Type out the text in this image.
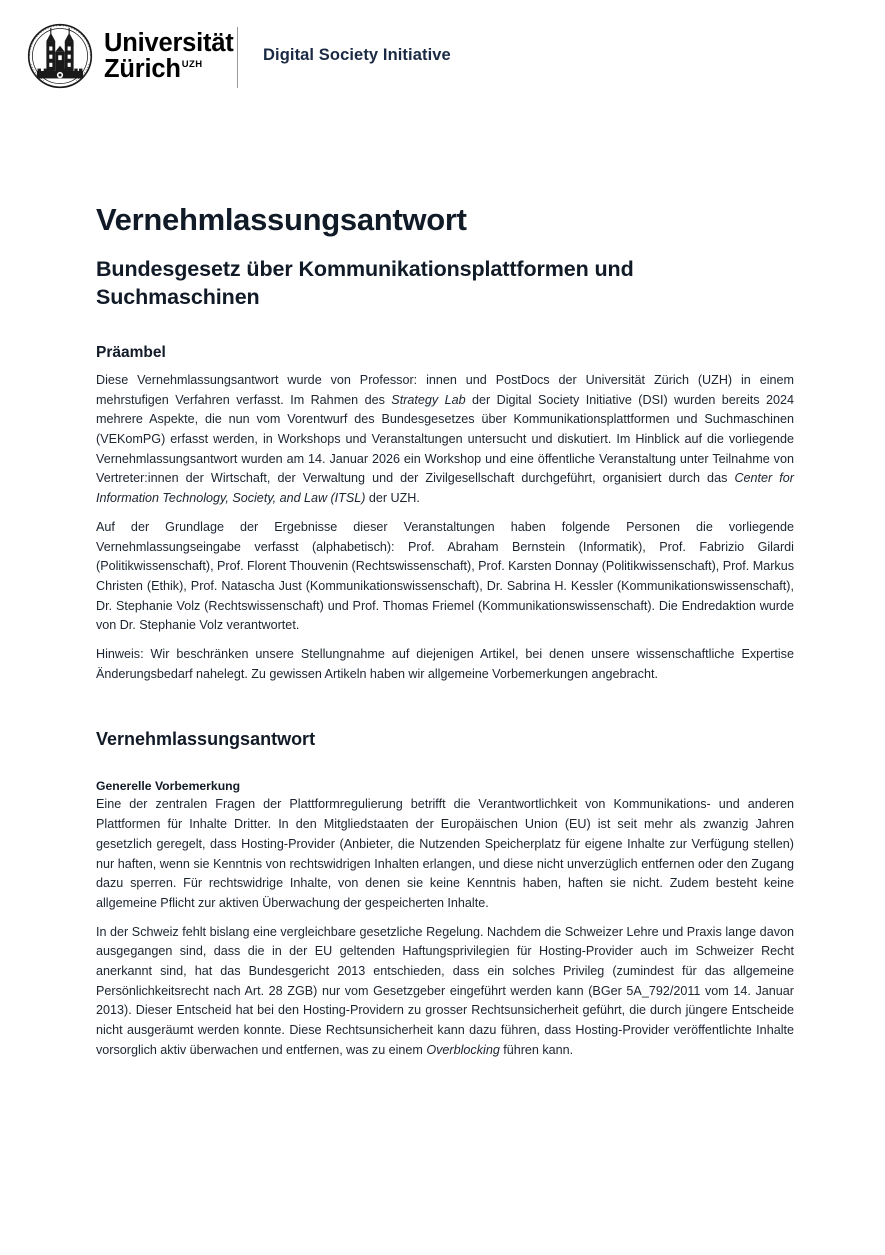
Universität
Zürich$^{UZH}$
Digital Society Initiative
Vernehmlassungsantwort
Bundesgesetz über Kommunikationsplattformen und Suchmaschinen
Präambel

Diese Vernehmlassungsantwort wurde von Professor: innen und PostDocs der Universität Zürich (UZH) in einem mehrstufigen Verfahren verfasst. Im Rahmen des Strategy Lab der Digital Society Initiative (DSI) wurden bereits 2024 mehrere Aspekte, die nun vom Vorentwurf des Bundesgesetzes über Kommunikationsplattformen und Suchmaschinen (VEKomPG) erfasst werden, in Workshops und Veranstaltungen untersucht und diskutiert. Im Hinblick auf die vorliegende Vernehmlassungsantwort wurden am 14. Januar 2026 ein Workshop und eine öffentliche Veranstaltung unter Teilnahme von Vertreter:innen der Wirtschaft, der Verwaltung und der Zivilgesellschaft durchgeführt, organisiert durch das Center for Information Technology, Society, and Law (ITSL) der UZH.

Auf der Grundlage der Ergebnisse dieser Veranstaltungen haben folgende Personen die vorliegende Vernehmlassungseingabe verfasst (alphabetisch): Prof. Abraham Bernstein (Informatik), Prof. Fabrizio Gilardi (Politikwissenschaft), Prof. Florent Thouvenin (Rechtswissenschaft), Prof. Karsten Donnay (Politikwissenschaft), Prof. Markus Christen (Ethik), Prof. Natascha Just (Kommunikationswissenschaft), Dr. Sabrina H. Kessler (Kommunikationswissenschaft), Dr. Stephanie Volz (Rechtswissenschaft) und Prof. Thomas Friemel (Kommunikationswissenschaft). Die Endredaktion wurde von Dr. Stephanie Volz verantwortet.

Hinweis: Wir beschränken unsere Stellungnahme auf diejenigen Artikel, bei denen unsere wissenschaftliche Expertise Änderungsbedarf nahelegt. Zu gewissen Artikeln haben wir allgemeine Vorbemerkungen angebracht.

Vernehmlassungsantwort
Generelle Vorbemerkung

Eine der zentralen Fragen der Plattformregulierung betrifft die Verantwortlichkeit von Kommunikations- und anderen Plattformen für Inhalte Dritter. In den Mitgliedstaaten der Europäischen Union (EU) ist seit mehr als zwanzig Jahren gesetzlich geregelt, dass Hosting-Provider (Anbieter, die Nutzenden Speicherplatz für eigene Inhalte zur Verfügung stellen) nur haften, wenn sie Kenntnis von rechtswidrigen Inhalten erlangen, und diese nicht unverzüglich entfernen oder den Zugang dazu sperren. Für rechtswidrige Inhalte, von denen sie keine Kenntnis haben, haften sie nicht. Zudem besteht keine allgemeine Pflicht zur aktiven Überwachung der gespeicherten Inhalte.

In der Schweiz fehlt bislang eine vergleichbare gesetzliche Regelung. Nachdem die Schweizer Lehre und Praxis lange davon ausgegangen sind, dass die in der EU geltenden Haftungsprivilegien für Hosting-Provider auch im Schweizer Recht anerkannt sind, hat das Bundesgericht 2013 entschieden, dass ein solches Privileg (zumindest für das allgemeine Persönlichkeitsrecht nach Art. 28 ZGB) nur vom Gesetzgeber eingeführt werden kann (BGer 5A_792/2011 vom 14. Januar 2013). Dieser Entscheid hat bei den Hosting-Providern zu grosser Rechtsunsicherheit geführt, die durch jüngere Entscheide nicht ausgeräumt werden konnte. Diese Rechtsunsicherheit kann dazu führen, dass Hosting-Provider veröffentlichte Inhalte vorsorglich aktiv überwachen und entfernen, was zu einem Overblocking führen kann.
